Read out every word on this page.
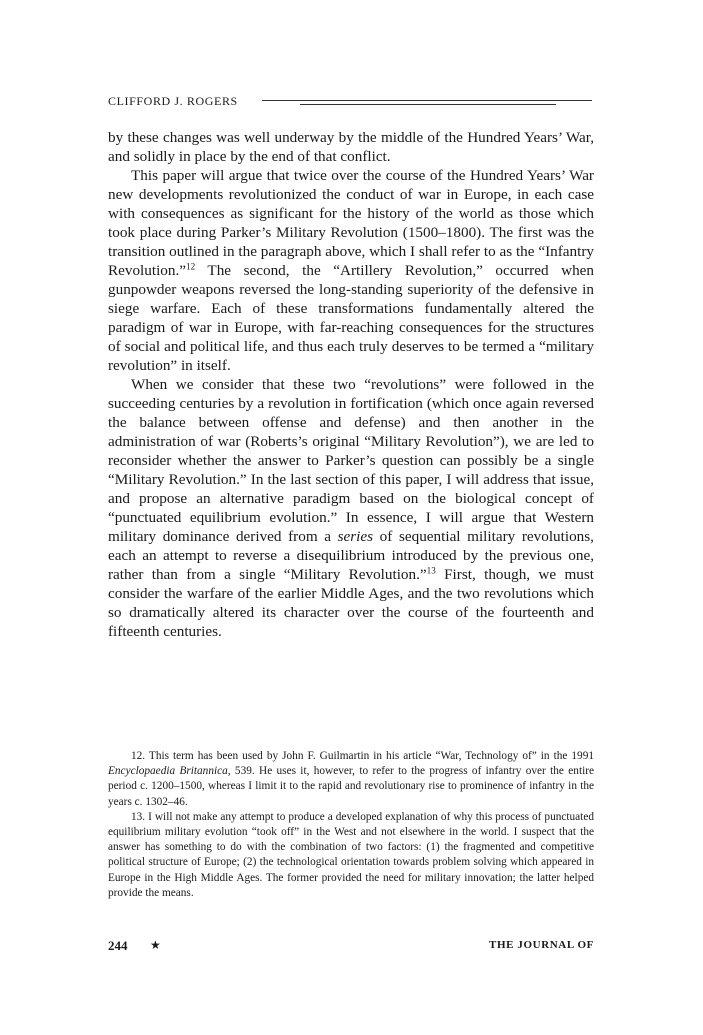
CLIFFORD J. ROGERS

by these changes was well underway by the middle of the Hundred Years’ War, and solidly in place by the end of that conflict.

This paper will argue that twice over the course of the Hundred Years’ War new developments revolutionized the conduct of war in Europe, in each case with consequences as significant for the history of the world as those which took place during Parker’s Military Revolution (1500–1800). The first was the transition outlined in the paragraph above, which I shall refer to as the “Infantry Revolution.”$^{12}$ The second, the “Artillery Revolution,” occurred when gunpowder weapons reversed the long-standing superiority of the defensive in siege warfare. Each of these transformations fundamentally altered the paradigm of war in Europe, with far-reaching consequences for the structures of social and political life, and thus each truly deserves to be termed a “military revolution” in itself.

When we consider that these two “revolutions” were followed in the succeeding centuries by a revolution in fortification (which once again reversed the balance between offense and defense) and then another in the administration of war (Roberts’s original “Military Revolution”), we are led to reconsider whether the answer to Parker’s question can possibly be a single “Military Revolution.” In the last section of this paper, I will address that issue, and propose an alternative paradigm based on the biological concept of “punctuated equilibrium evolution.” In essence, I will argue that Western military dominance derived from a series of sequential military revolutions, each an attempt to reverse a disequilibrium introduced by the previous one, rather than from a single “Military Revolution.”$^{13}$ First, though, we must consider the warfare of the earlier Middle Ages, and the two revolutions which so dramatically altered its character over the course of the fourteenth and fifteenth centuries.

12. This term has been used by John F. Guilmartin in his article “War, Technology of” in the 1991 Encyclopaedia Britannica, 539. He uses it, however, to refer to the progress of infantry over the entire period c. 1200–1500, whereas I limit it to the rapid and revolutionary rise to prominence of infantry in the years c. 1302–46.

13. I will not make any attempt to produce a developed explanation of why this process of punctuated equilibrium military evolution “took off” in the West and not elsewhere in the world. I suspect that the answer has something to do with the combination of two factors: (1) the fragmented and competitive political structure of Europe; (2) the technological orientation towards problem solving which appeared in Europe in the High Middle Ages. The former provided the need for military innovation; the latter helped provide the means.

244 ★	THE JOURNAL OF
